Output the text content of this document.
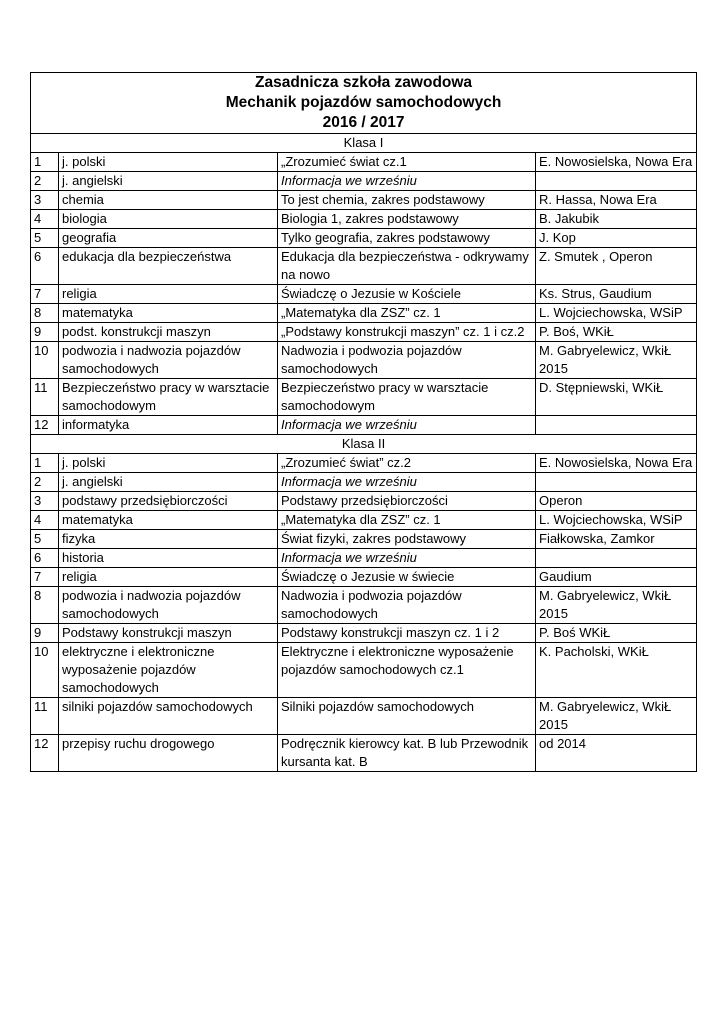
Zasadnicza szkoła zawodowa
Mechanik pojazdów samochodowych
2016 / 2017			

Klasa I			
1	j. polski	„Zrozumieć świat cz.1	E. Nowosielska, Nowa Era
2	j. angielski	Informacja we wrześniu	
3	chemia	To jest chemia, zakres podstawowy	R. Hassa, Nowa Era
4	biologia	Biologia 1, zakres podstawowy	B. Jakubik
5	geografia	Tylko geografia, zakres podstawowy	J. Kop
6	edukacja dla bezpieczeństwa	Edukacja dla bezpieczeństwa - odkrywamy na nowo	Z. Smutek , Operon
7	religia	Świadczę o Jezusie w Kościele	Ks. Strus, Gaudium
8	matematyka	„Matematyka dla ZSZ” cz. 1	L. Wojciechowska, WSiP
9	podst. konstrukcji maszyn	„Podstawy konstrukcji maszyn” cz. 1 i cz.2	P. Boś, WKiŁ
10	podwozia i nadwozia pojazdów samochodowych	Nadwozia i podwozia pojazdów samochodowych	M. Gabryelewicz, WkiŁ 2015
11	Bezpieczeństwo pracy w warsztacie samochodowym	Bezpieczeństwo pracy w warsztacie samochodowym	D. Stępniewski, WKiŁ
12	informatyka	Informacja we wrześniu	
Klasa II			
1	j. polski	„Zrozumieć świat” cz.2	E. Nowosielska, Nowa Era
2	j. angielski	Informacja we wrześniu	
3	podstawy przedsiębiorczości	Podstawy przedsiębiorczości	Operon
4	matematyka	„Matematyka dla ZSZ” cz. 1	L. Wojciechowska, WSiP
5	fizyka	Świat fizyki, zakres podstawowy	Fiałkowska, Zamkor
6	historia	Informacja we wrześniu	
7	religia	Świadczę o Jezusie w świecie	Gaudium
8	podwozia i nadwozia pojazdów samochodowych	Nadwozia i podwozia pojazdów samochodowych	M. Gabryelewicz, WkiŁ 2015
9	Podstawy konstrukcji maszyn	Podstawy konstrukcji maszyn cz. 1 i 2	P. Boś WKiŁ
10	elektryczne i elektroniczne wyposażenie pojazdów samochodowych	Elektryczne i elektroniczne wyposażenie pojazdów samochodowych cz.1	K. Pacholski, WKiŁ
11	silniki pojazdów samochodowych	Silniki pojazdów samochodowych	M. Gabryelewicz, WkiŁ 2015
12	przepisy ruchu drogowego	Podręcznik kierowcy kat. B lub Przewodnik kursanta kat. B	od 2014
